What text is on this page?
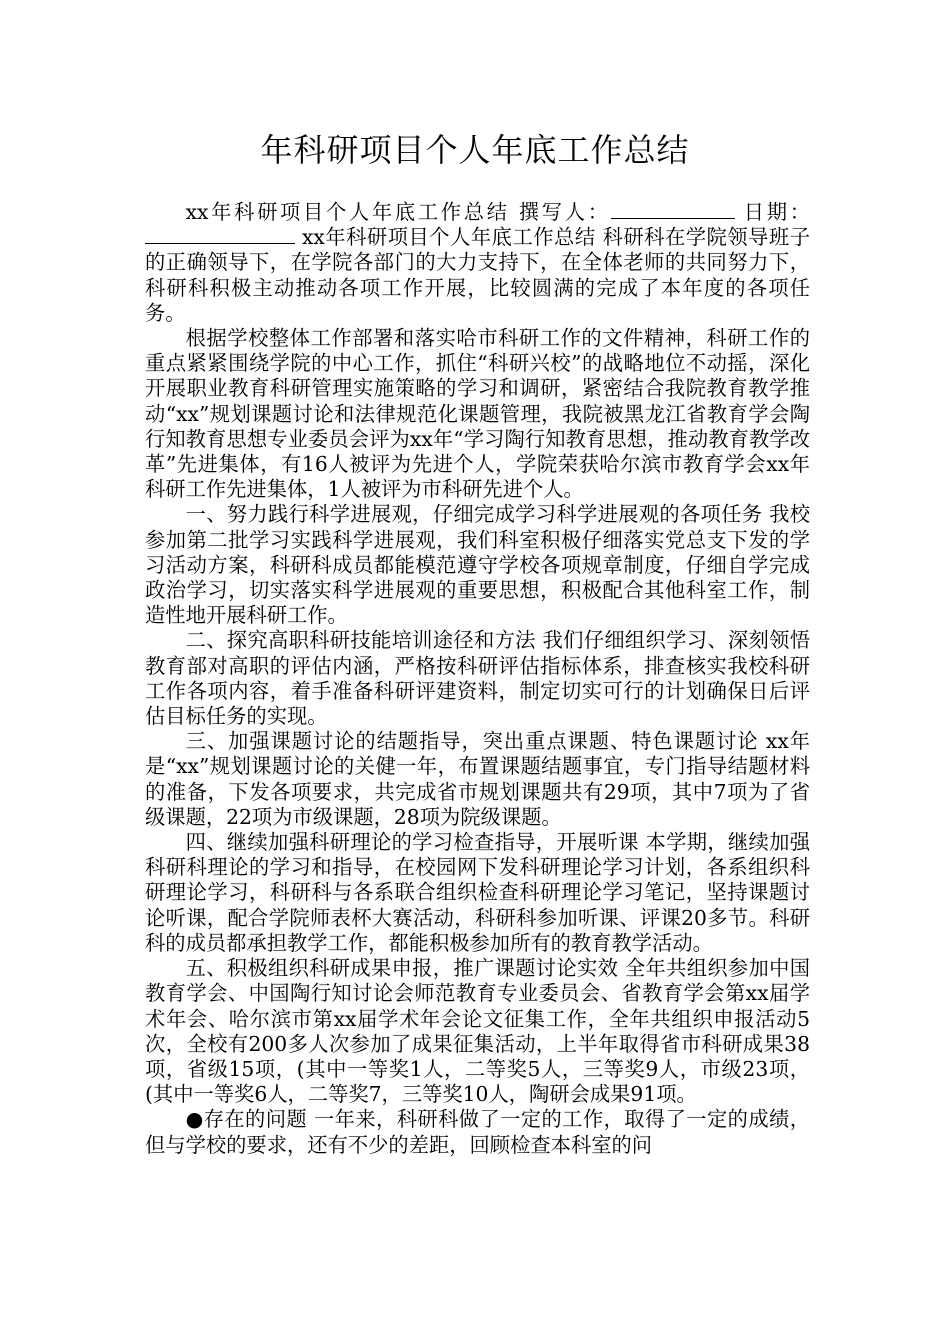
年科研项目个人年底工作总结

xx年科研项目个人年底工作总结 撰写人：	日期： xx年科研项目个人年底工作总结 科研科在学院领导班子的正确领导下，在学院各部门的大力支持下，在全体老师的共同努力下，科研科积极主动推动各项工作开展，比较圆满的完成了本年度的各项任务。

根据学校整体工作部署和落实哈市科研工作的文件精神，科研工作的重点紧紧围绕学院的中心工作，抓住“科研兴校”的战略地位不动摇，深化开展职业教育科研管理实施策略的学习和调研，紧密结合我院教育教学推动“xx”规划课题讨论和法律规范化课题管理，我院被黑龙江省教育学会陶行知教育思想专业委员会评为xx年“学习陶行知教育思想，推动教育教学改革”先进集体，有16人被评为先进个人，学院荣获哈尔滨市教育学会xx年科研工作先进集体，1人被评为市科研先进个人。

一、努力践行科学进展观，仔细完成学习科学进展观的各项任务 我校参加第二批学习实践科学进展观，我们科室积极仔细落实党总支下发的学习活动方案，科研科成员都能模范遵守学校各项规章制度，仔细自学完成政治学习，切实落实科学进展观的重要思想，积极配合其他科室工作，制造性地开展科研工作。

二、探究高职科研技能培训途径和方法 我们仔细组织学习、深刻领悟教育部对高职的评估内涵，严格按科研评估指标体系，排查核实我校科研工作各项内容，着手准备科研评建资料，制定切实可行的计划确保日后评估目标任务的实现。

三、加强课题讨论的结题指导，突出重点课题、特色课题讨论 xx年是“xx”规划课题讨论的关健一年，布置课题结题事宜，专门指导结题材料的准备，下发各项要求，共完成省市规划课题共有29项，其中7项为了省级课题，22项为市级课题，28项为院级课题。

四、继续加强科研理论的学习检查指导，开展听课 本学期，继续加强科研科理论的学习和指导，在校园网下发科研理论学习计划，各系组织科研理论学习，科研科与各系联合组织检查科研理论学习笔记，坚持课题讨论听课，配合学院师表杯大赛活动，科研科参加听课、评课20多节。科研科的成员都承担教学工作，都能积极参加所有的教育教学活动。

五、积极组织科研成果申报，推广课题讨论实效 全年共组织参加中国教育学会、中国陶行知讨论会师范教育专业委员会、省教育学会第xx届学术年会、哈尔滨市第xx届学术年会论文征集工作，全年共组织申报活动5次，全校有200多人次参加了成果征集活动，上半年取得省市科研成果38项，省级15项，(其中一等奖1人，二等奖5人，三等奖9人，市级23项，(其中一等奖6人，二等奖7，三等奖10人，陶研会成果91项。

●存在的问题 一年来，科研科做了一定的工作，取得了一定的成绩，但与学校的要求，还有不少的差距，回顾检查本科室的问
